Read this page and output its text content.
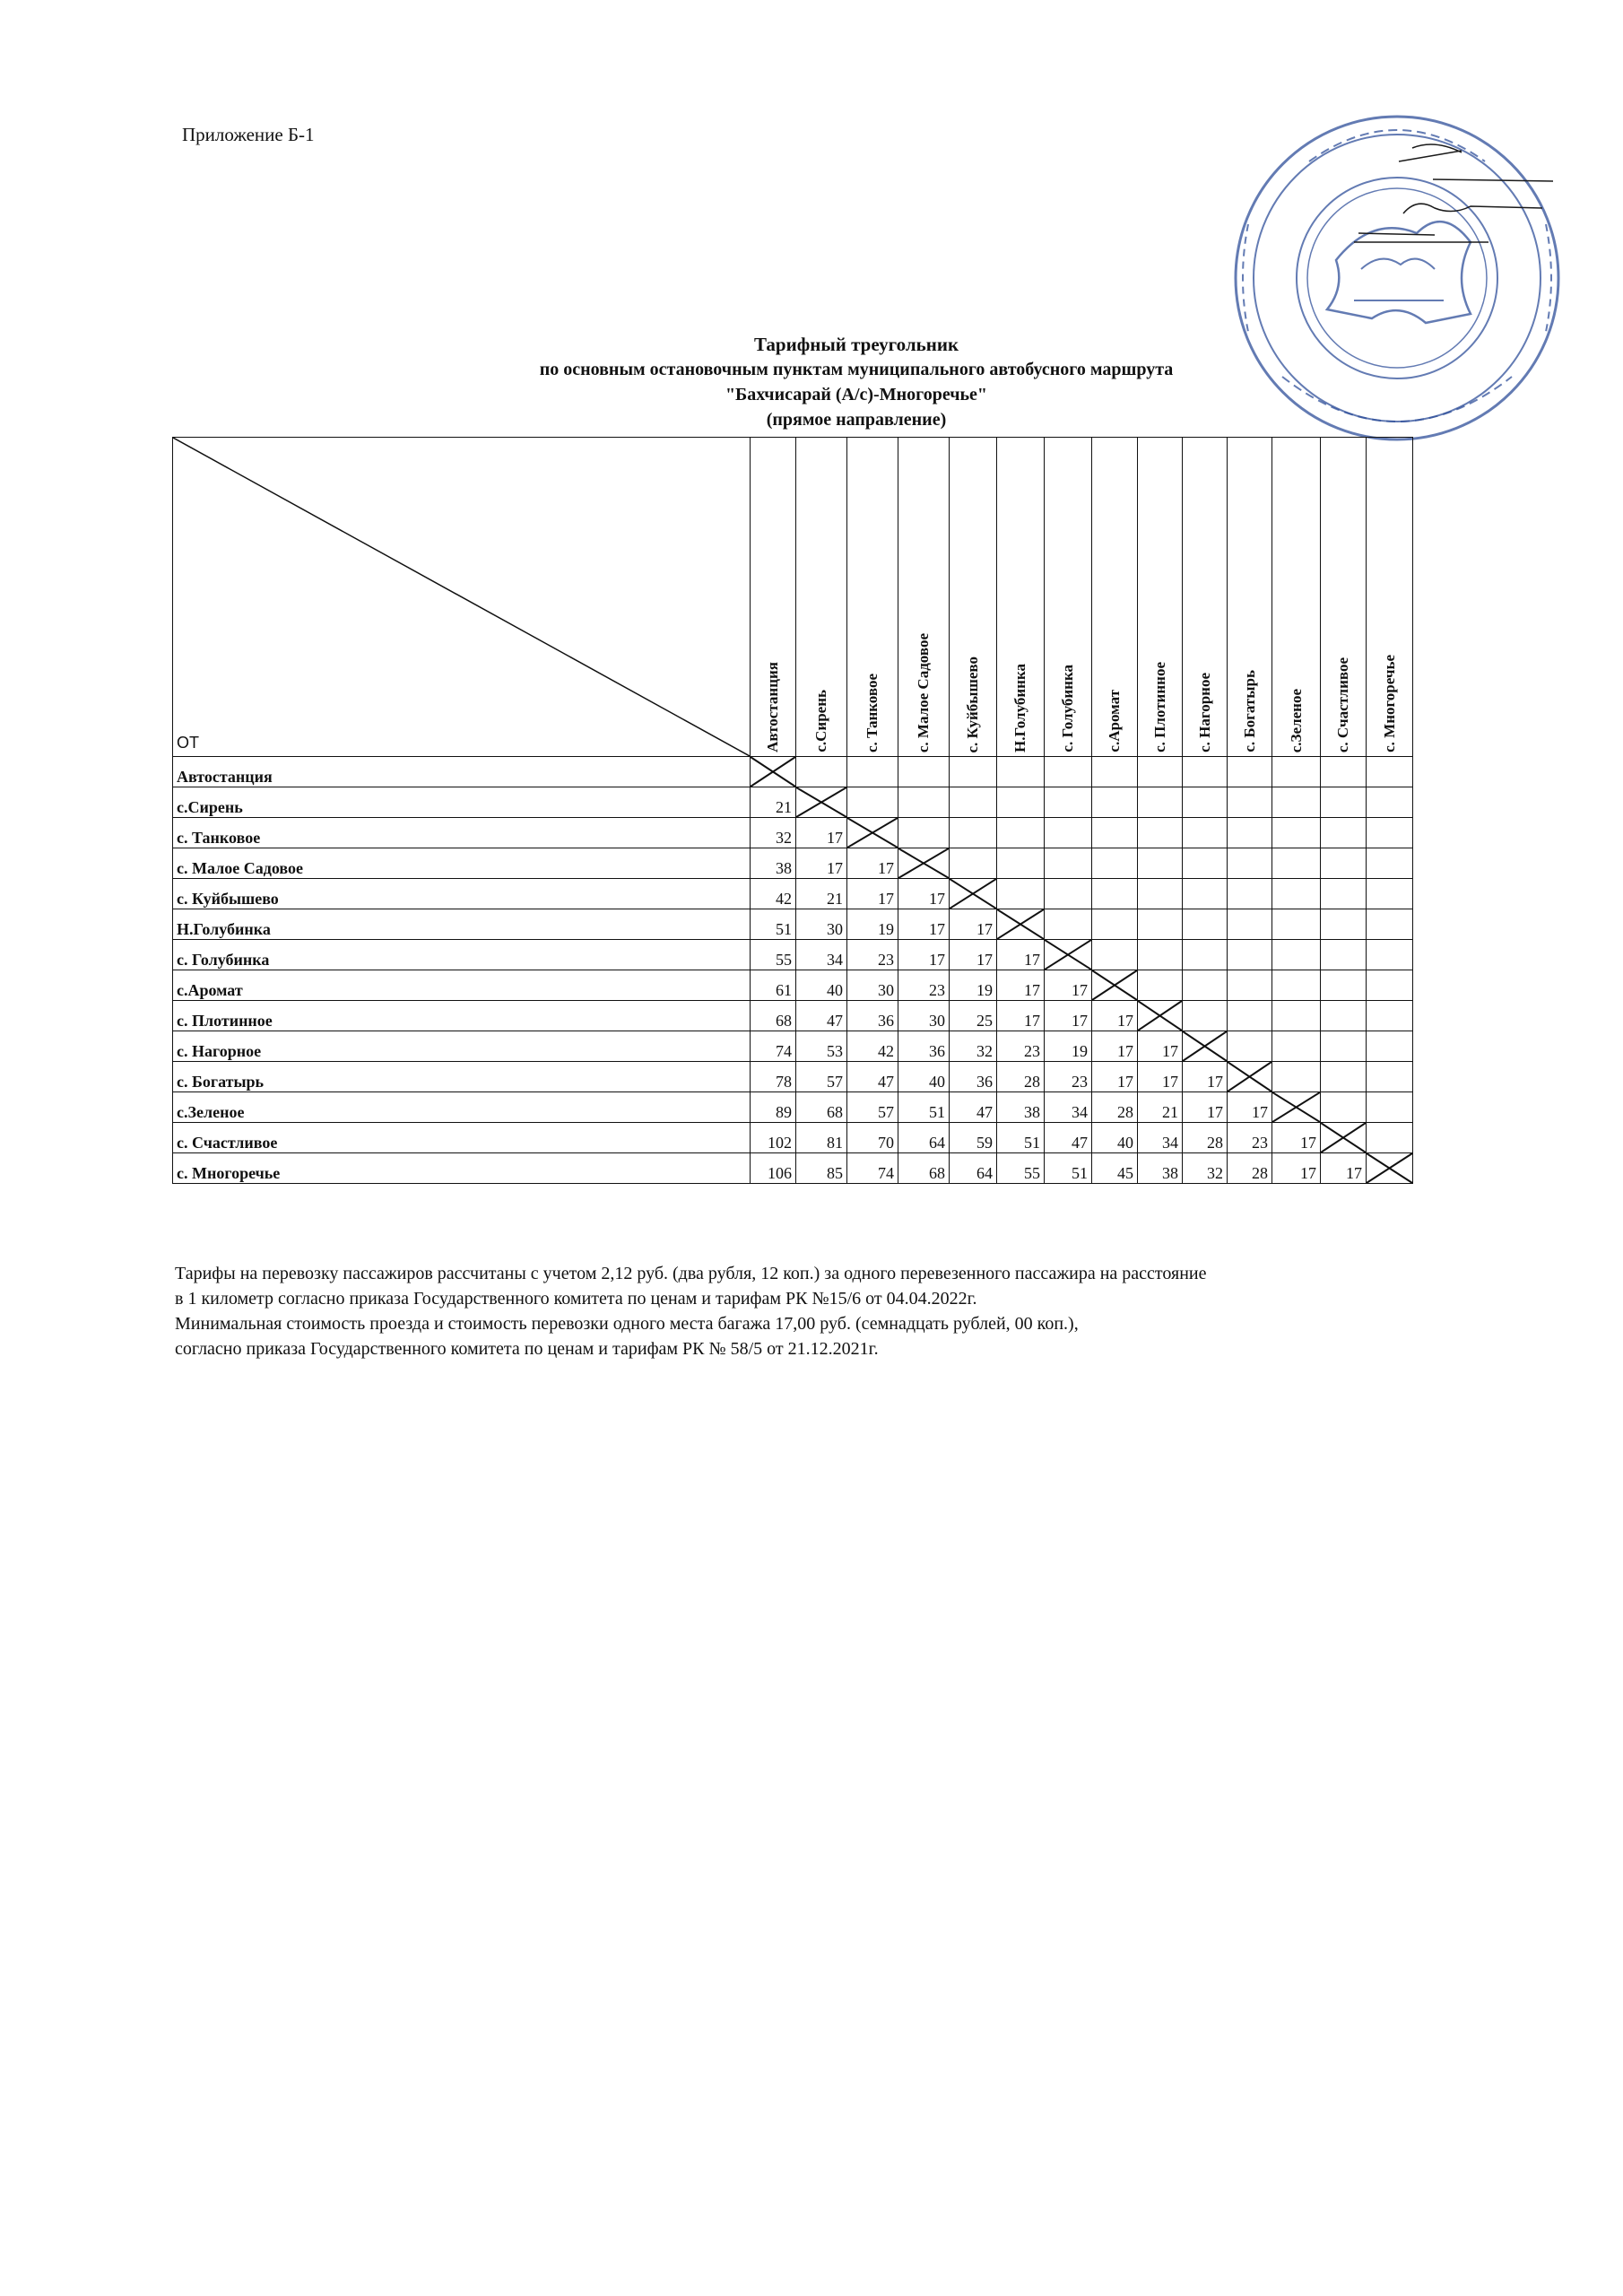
Приложение Б-1
Тарифный треугольник
по основным остановочным пунктам муниципального автобусного маршрута
"Бахчисарай (А/с)-Многоречье"
(прямое направление)
ОТ	Автостанция	с.Сирень	с. Танковое	с. Малое Садовое	с. Куйбышево	Н.Голубинка	с. Голубинка	с.Аромат	с. Плотинное	с. Нагорное	с. Богатырь	с.Зеленое	с. Счастливое	с. Многоречье

Автостанция	

с.Сирень	21	

с. Танковое	32	17	

с. Малое Садовое	38	17	17	

с. Куйбышево	42	21	17	17	

Н.Голубинка	51	30	19	17	17	

с. Голубинка	55	34	23	17	17	17	

с.Аромат	61	40	30	23	19	17	17	

с. Плотинное	68	47	36	30	25	17	17	17	

с. Нагорное	74	53	42	36	32	23	19	17	17	

с. Богатырь	78	57	47	40	36	28	23	17	17	17	

с.Зеленое	89	68	57	51	47	38	34	28	21	17	17	

с. Счастливое	102	81	70	64	59	51	47	40	34	28	23	17	

с. Многоречье	106	85	74	68	64	55	51	45	38	32	28	17	17	
Тарифы на перевозку пассажиров рассчитаны с учетом 2,12 руб. (два рубля, 12 коп.) за одного перевезенного пассажира на расстояние
в 1 километр согласно приказа Государственного комитета по ценам и тарифам РК №15/6 от 04.04.2022г.
Минимальная стоимость проезда и стоимость перевозки одного места багажа 17,00 руб. (семнадцать рублей, 00 коп.),
согласно приказа Государственного комитета по ценам и тарифам РК № 58/5 от 21.12.2021г.
